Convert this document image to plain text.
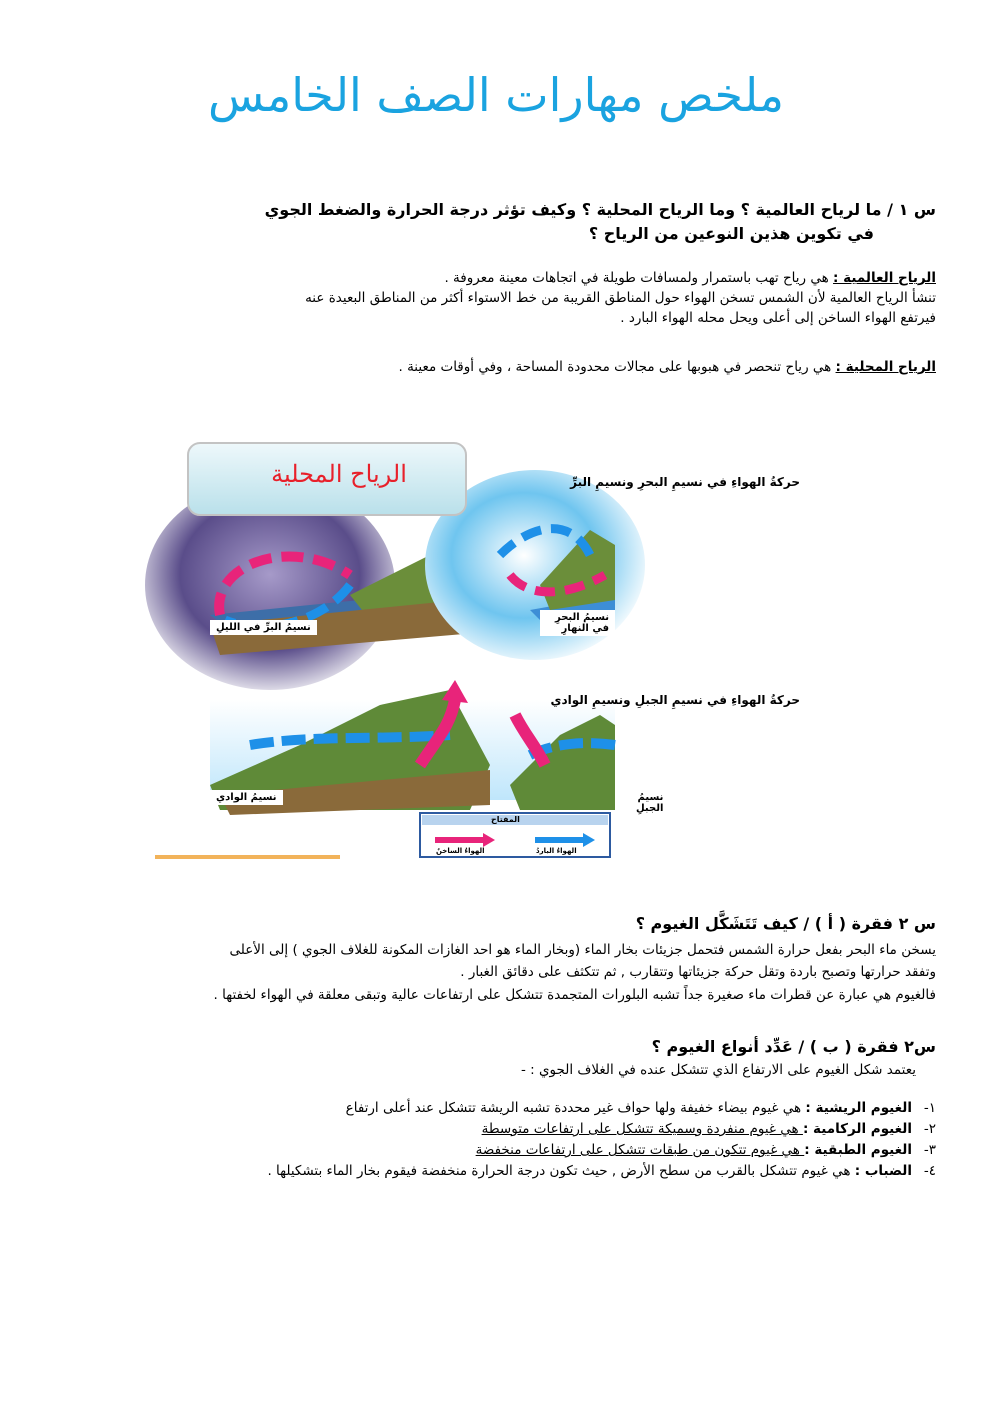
ملخص مهارات الصف الخامس
س ١ / ما لرياح العالمية ؟ وما الرياح المحلية ؟ وكيف تؤثر درجة الحرارة والضغط الجوي
في تكوين هذين النوعين من الرياح ؟
الرياح العالمية : هي رياح تهب باستمرار ولمسافات طويلة في اتجاهات معينة معروفة .
تنشأ الرياح العالمية لأن الشمس تسخن الهواء حول المناطق القريبة من خط الاستواء أكثر من المناطق البعيدة عنه
فيرتفع الهواء الساخن إلى أعلى ويحل محله الهواء البارد .
الرياح المحلية : هي رياح تنحصر في هبوبها على مجالات محدودة المساحة ، وفي أوقات معينة .
الرياح المحلية	حركةُ الهواءِ في نسيمِ البحرِ ونسيمِ البرِّ
حركةُ الهواءِ في نسيمِ الجبلِ ونسيمِ الوادي
نسيمُ البرِّ في الليلِ
نسيمُ البحرِ في النهارِ
نسيمُ الوادي	نسيمُ الجبلِ
المفتاح
الهواءُ الساخنُ	الهواءُ الباردُ
س ٢ فقرة ( أ ) / كيف تَتَشَكَّل الغيوم ؟
يسخن ماء البحر بفعل حرارة الشمس فتحمل جزيئات بخار الماء (وبخار الماء هو احد الغازات المكونة للغلاف الجوي ) إلى الأعلى
وتفقد حرارتها وتصبح باردة وتقل حركة جزيئاتها وتتقارب , ثم تتكثف على دقائق الغبار .
فالغيوم هي عبارة عن قطرات ماء صغيرة جداً تشبه البلورات المتجمدة تتشكل على ارتفاعات عالية وتبقى معلقة في الهواء لخفتها .
س٢ فقرة ( ب ) / عَدِّد أنواع الغيوم ؟
يعتمد شكل الغيوم على الارتفاع الذي تتشكل عنده في الغلاف الجوي : -
١-الغيوم الريشية : هي غيوم بيضاء خفيفة ولها حواف غير محددة تشبه الريشة تتشكل عند أعلى ارتفاع
٢-الغيوم الركامية : هي غيوم منفردة وسميكة تتشكل على ارتفاعات متوسطة
٣-الغيوم الطبقية : هي غيوم تتكون من طبقات تتشكل على ارتفاعات منخفضة
٤-الضباب : هي غيوم تتشكل بالقرب من سطح الأرض , حيث تكون درجة الحرارة منخفضة فيقوم بخار الماء بتشكيلها .
